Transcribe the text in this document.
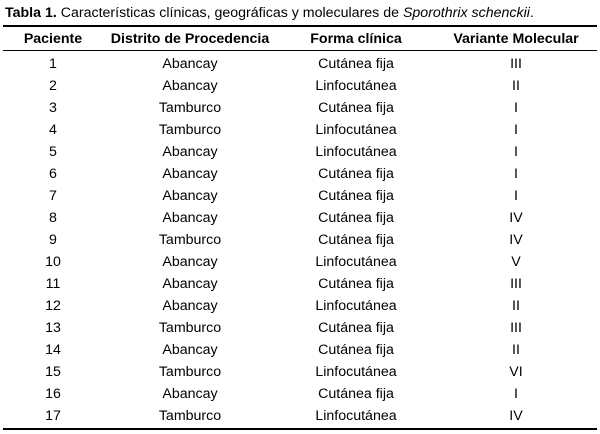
Tabla 1. Características clínicas, geográficas y moleculares de Sporothrix schenckii.
Paciente	Distrito de Procedencia	Forma clínica	Variante Molecular

1	Abancay	Cutánea fija	III
2	Abancay	Linfocutánea	II
3	Tamburco	Cutánea fija	I
4	Tamburco	Linfocutánea	I
5	Abancay	Linfocutánea	I
6	Abancay	Cutánea fija	I
7	Abancay	Cutánea fija	I
8	Abancay	Cutánea fija	IV
9	Tamburco	Cutánea fija	IV
10	Abancay	Linfocutánea	V
11	Abancay	Cutánea fija	III
12	Abancay	Linfocutánea	II
13	Tamburco	Cutánea fija	III
14	Abancay	Cutánea fija	II
15	Tamburco	Linfocutánea	VI
16	Abancay	Cutánea fija	I
17	Tamburco	Linfocutánea	IV
